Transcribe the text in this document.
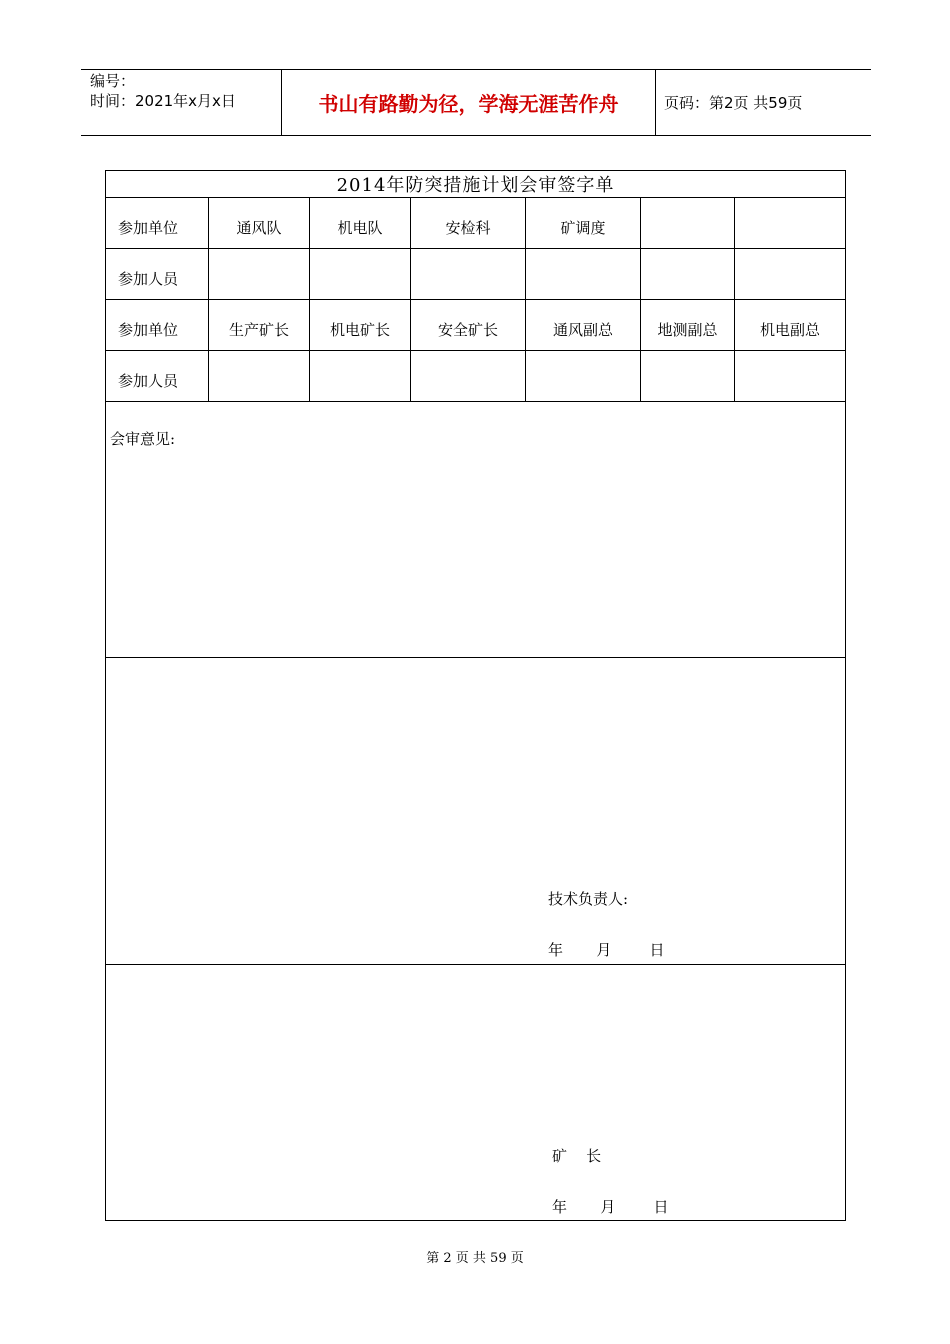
编号：
时间：2021年x月x日	书山有路勤为径，学海无涯苦作舟	页码：第2页 共59页
2014年防突措施计划会审签字单						
参加单位	通风队	机电队	安检科	矿调度		
参加人员						
参加单位	生产矿长	机电矿长	安全矿长	通风副总	地测副总	机电副总
参加人员						

会审意见:						

技术负责人:
年       月        日						

矿    长
年       月        日						
第 2 页 共 59 页
